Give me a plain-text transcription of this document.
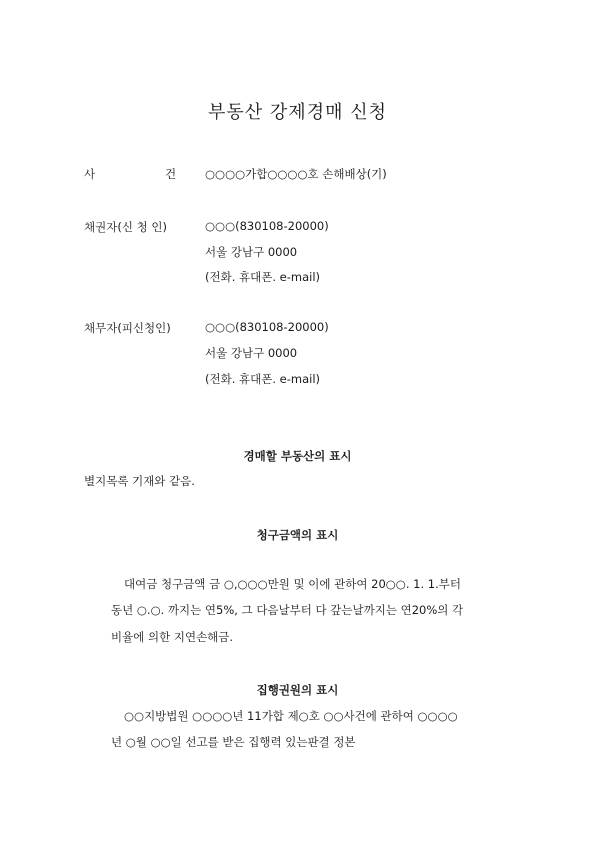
부동산 강제경매 신청
사	건	○○○○가합○○○○호 손해배상(기)
채권자(신 청 인)	○○○(830108-20000)
서울 강남구 0000
(전화. 휴대폰. e-mail)
채무자(피신청인)	○○○(830108-20000)
서울 강남구 0000
(전화. 휴대폰. e-mail)
경매할 부동산의 표시
별지목록 기재와 같음.
청구금액의 표시
대여금 청구금액 금 ○,○○○만원 및 이에 관하여 20○○. 1. 1.부터
동년 ○.○. 까지는 연5%, 그 다음날부터 다 갚는날까지는 연20%의 각
비율에 의한 지연손해금.
집행권원의 표시
○○지방법원 ○○○○년 11가합 제○호 ○○사건에 관하여 ○○○○
년 ○월 ○○일 선고를 받은 집행력 있는판결 정본
